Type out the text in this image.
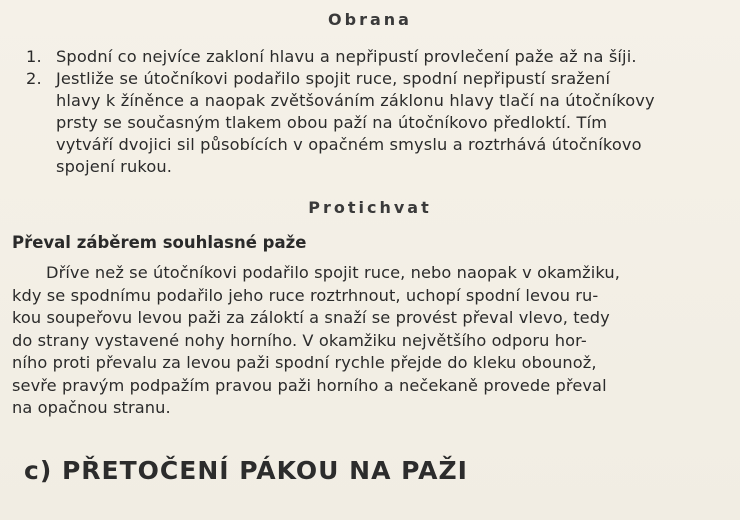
Obrana
1. Spodní co nejvíce zakloní hlavu a nepřipustí provlečení paže až na šíji.
2. Jestliže se útočníkovi podařilo spojit ruce, spodní nepřipustí sražení
hlavy k žíněnce a naopak zvětšováním záklonu hlavy tlačí na útočníkovy
prsty se současným tlakem obou paží na útočníkovo předloktí. Tím
vytváří dvojici sil působících v opačném smyslu a roztrhává útočníkovo
spojení rukou.
Protichvat
Převal záběrem souhlasné paže

Dříve než se útočníkovi podařilo spojit ruce, nebo naopak v okamžiku,
kdy se spodnímu podařilo jeho ruce roztrhnout, uchopí spodní levou ru-
kou soupeřovu levou paži za záloktí a snaží se provést převal vlevo, tedy
do strany vystavené nohy horního. V okamžiku největšího odporu hor-
ního proti převalu za levou paži spodní rychle přejde do kleku obounož,
sevře pravým podpažím pravou paži horního a nečekaně provede převal
na opačnou stranu.

c) PŘETOČENÍ PÁKOU NA PAŽI
